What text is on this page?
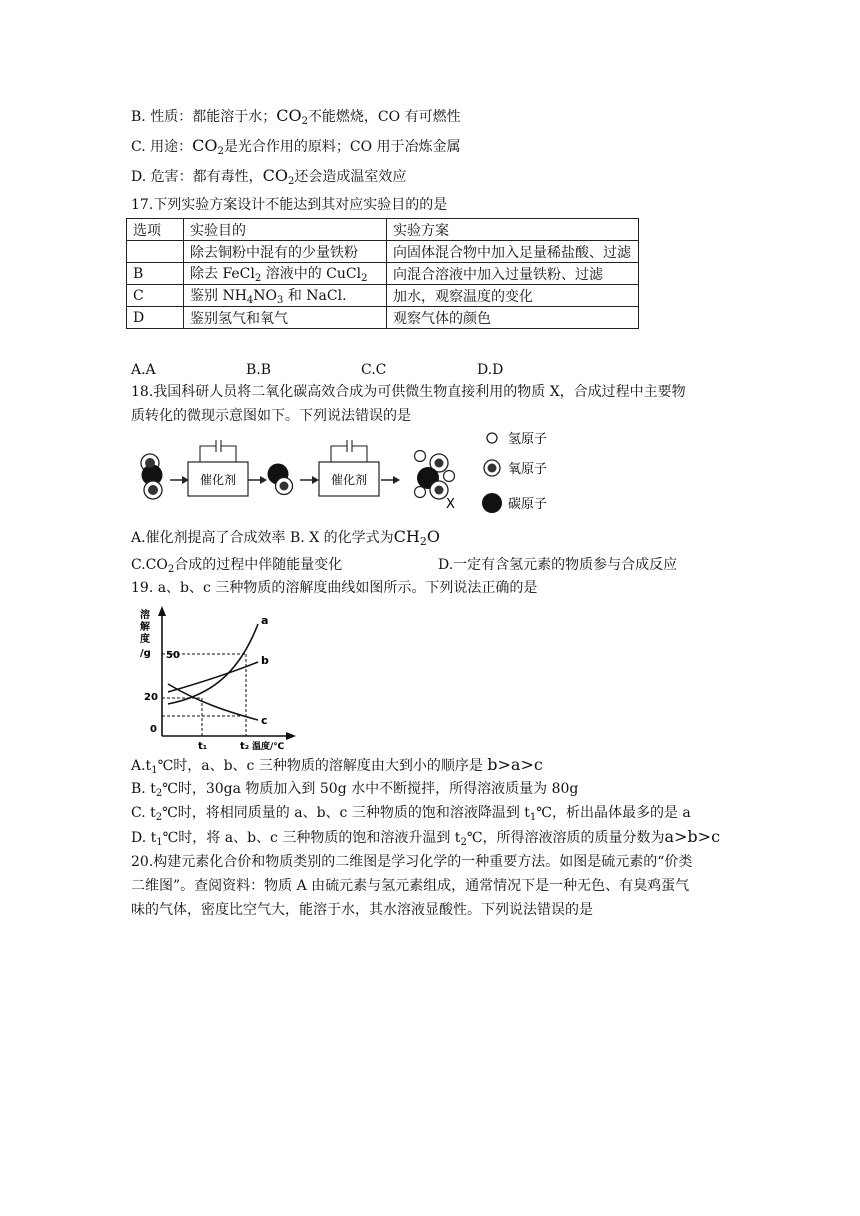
B. 性质：都能溶于水；$CO_2$不能燃烧，CO 有可燃性
C. 用途：$CO_2$是光合作用的原料；CO 用于冶炼金属
D. 危害：都有毒性，$CO_2$还会造成温室效应
17.下列实验方案设计不能达到其对应实验目的的是
选项	实验目的	实验方案
	除去铜粉中混有的少量铁粉	向固体混合物中加入足量稀盐酸、过滤
B	除去 FeCl$_2$ 溶液中的 CuCl$_2$	向混合溶液中加入过量铁粉、过滤
C	鉴别 $NH_4NO_3$ 和 NaCl.	加水，观察温度的变化
D	鉴别氢气和氧气	观察气体的颜色
A.A	B.B	C.C	D.D
18.我国科研人员将二氧化碳高效合成为可供微生物直接利用的物质 X，合成过程中主要物
质转化的微现示意图如下。下列说法错误的是
催化剂	催化剂
X
氢原子
氧原子
碳原子
A.催化剂提高了合成效率 B. X 的化学式为$CH_2O$
$C.CO_2$合成的过程中伴随能量变化	D.一定有含氢元素的物质参与合成反应
19. a、b、c 三种物质的溶解度曲线如图所示。下列说法正确的是
溶
解
度
/g 50
20
0
a
b
c
t₁	t₂ 温度/℃
$A.t_1℃$时，a、b、c 三种物质的溶解度由大到小的顺序是 b>a>c
B. $t_2℃$时，30ga 物质加入到 50g 水中不断搅拌，所得溶液质量为 80g
C. $t_2℃$时，将相同质量的 a、b、c 三种物质的饱和溶液降温到 $t_1℃$，析出晶体最多的是 a
D. $t_1℃$时，将 a、b、c 三种物质的饱和溶液升温到 $t_2℃$，所得溶液溶质的质量分数为a>b>c
20.构建元素化合价和物质类别的二维图是学习化学的一种重要方法。如图是硫元素的“价类
二维图”。查阅资料：物质 A 由硫元素与氢元素组成，通常情况下是一种无色、有臭鸡蛋气
味的气体，密度比空气大，能溶于水，其水溶液显酸性。下列说法错误的是
